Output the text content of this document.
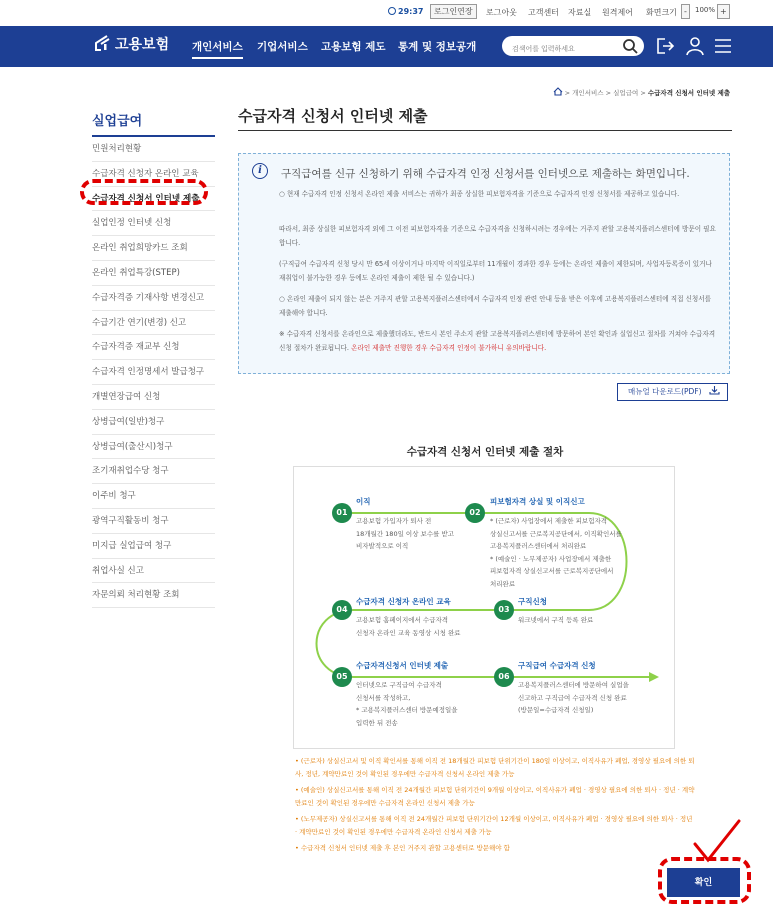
29:37	로그인연장	로그아웃 고객센터 자료실 원격제어 화면크기 -	100% +
고용보험 개인서비스 기업서비스 고용보험 제도 통계 및 정보공개
검색어를 입력하세요
> 개인서비스 > 실업급여 > 수급자격 신청서 인터넷 제출
실업급여
민원처리현황
수급자격 신청자 온라인 교육
수급자격 신청서 인터넷 제출
실업인정 인터넷 신청
온라인 취업희망카드 조회
온라인 취업특강(STEP)
수급자격증 기재사항 변경신고
수급기간 연기(변경) 신고
수급자격증 재교부 신청
수급자격 인정명세서 발급청구
개별연장급여 신청
상병급여(일반)청구
상병급여(출산시)청구
조기재취업수당 청구
이주비 청구
광역구직활동비 청구
미지급 실업급여 청구
취업사실 신고
자문의뢰 처리현황 조회
수급자격 신청서 인터넷 제출
i	구직급여를 신규 신청하기 위해 수급자격 인정 신청서를 인터넷으로 제출하는 화면입니다.

○ 현재 수급자격 인정 신청서 온라인 제출 서비스는 귀하가 최종 상실한 피보험자격을 기준으로 수급자격 인정 신청서를 제공하고 있습니다.

따라서, 최종 상실한 피보험자격 외에 그 이전 피보험자격을 기준으로 수급자격을 신청하시려는 경우에는 거주지 관할 고용복지플러스센터에 방문이 필요합니다.

(구직급여 수급자격 신청 당시 만 65세 이상이거나 마지막 이직일로부터 11개월이 경과한 경우 등에는 온라인 제출이 제한되며, 사업자등록증이 있거나 재취업이 불가능한 경우 등에도 온라인 제출이 제한 될 수 있습니다.)

○ 온라인 제출이 되지 않는 분은 거주지 관할 고용복지플러스센터에서 수급자격 인정 관련 안내 등을 받은 이후에 고용복지플러스센터에 직접 신청서를 제출해야 합니다.

※ 수급자격 신청서를 온라인으로 제출했더라도, 반드시 본인 주소지 관할 고용복지플러스센터에 방문하여 본인 확인과 실업신고 절차를 거쳐야 수급자격 신청 절차가 완료됩니다. 온라인 제출만 진행한 경우 수급자격 인정이 불가하니 유의바랍니다.

매뉴얼 다운로드(PDF)
수급자격 신청서 인터넷 제출 절차
01
이직
고용보험 가입자가 퇴사 전
18개월간 180일 이상 보수를 받고
비자발적으로 이직
02
피보험자격 상실 및 이직신고
* (근로자) 사업장에서 제출한 피보험자격
상실신고서를 근로복지공단에서, 이직확인서를
고용복지플러스센터에서 처리완료
* (예술인 · 노무제공자) 사업장에서 제출한
피보험자격 상실신고서를 근로복지공단에서
처리완료
04
수급자격 신청자 온라인 교육
고용보험 홈페이지에서 수급자격
신청자 온라인 교육 동영상 시청 완료
03
구직신청
워크넷에서 구직 등록 완료
05
수급자격신청서 인터넷 제출
인터넷으로 구직급여 수급자격
신청서를 작성하고,
* 고용복지플러스센터 방문예정일을
입력한 뒤 전송
06
구직급여 수급자격 신청
고용복지플러스센터에 방문하여 실업을
신고하고 구직급여 수급자격 신청 완료
(방문일=수급자격 신청일)
• (근로자) 상실신고서 및 이직 확인서를 통해 이직 전 18개월간 피보험 단위기간이 180일 이상이고, 이직사유가 폐업, 경영상 필요에 의한 퇴사, 정년, 계약만료인 것이 확인된 경우에만 수급자격 신청서 온라인 제출 가능
• (예술인) 상실신고서를 통해 이직 전 24개월간 피보험 단위기간이 9개월 이상이고, 이직사유가 폐업 · 경영상 필요에 의한 퇴사 · 정년 · 계약만료인 것이 확인된 경우에만 수급자격 온라인 신청서 제출 가능
• (노무제공자) 상실신고서를 통해 이직 전 24개월간 피보험 단위기간이 12개월 이상이고, 이직사유가 폐업 · 경영상 필요에 의한 퇴사 · 정년 · 계약만료인 것이 확인된 경우에만 수급자격 온라인 신청서 제출 가능
• 수급자격 신청서 인터넷 제출 후 본인 거주지 관할 고용센터로 방문해야 함
확인
